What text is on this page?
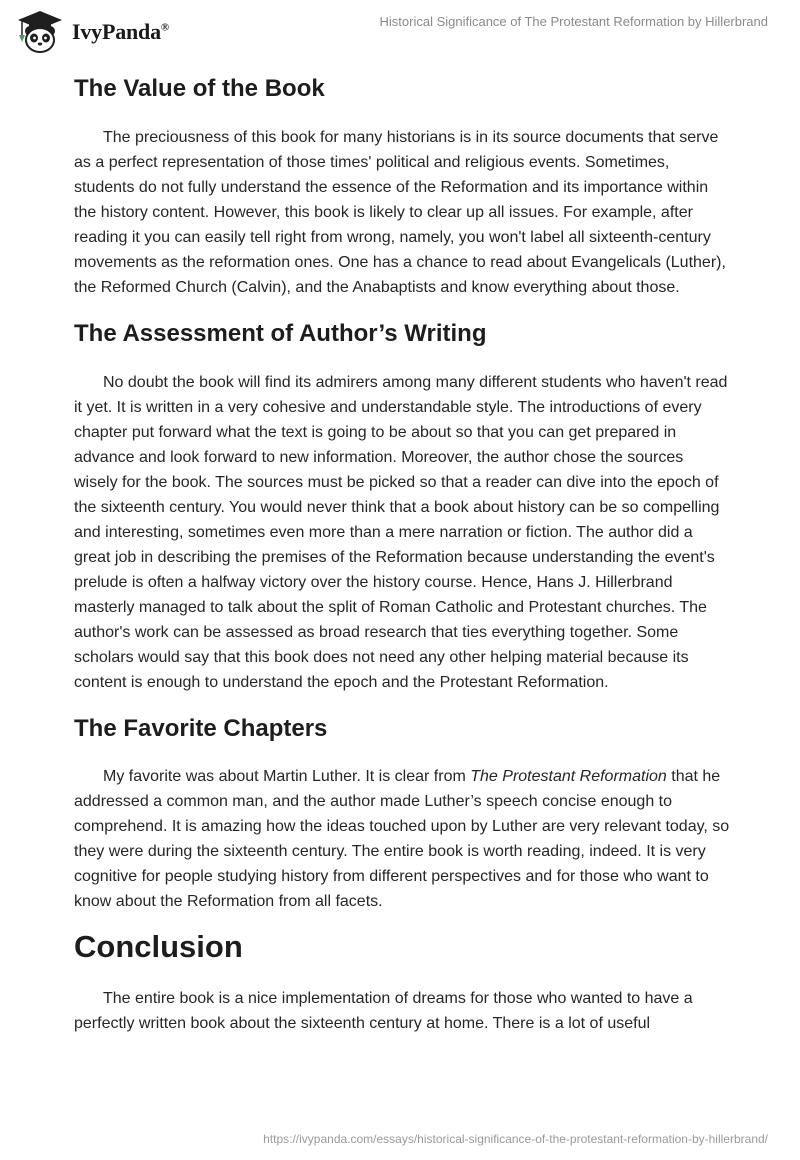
IvyPanda®	Historical Significance of The Protestant Reformation by Hillerbrand
The Value of the Book

The preciousness of this book for many historians is in its source documents that serve as a perfect representation of those times' political and religious events. Sometimes, students do not fully understand the essence of the Reformation and its importance within the history content. However, this book is likely to clear up all issues. For example, after reading it you can easily tell right from wrong, namely, you won't label all sixteenth-century movements as the reformation ones. One has a chance to read about Evangelicals (Luther), the Reformed Church (Calvin), and the Anabaptists and know everything about those.

The Assessment of Author’s Writing

No doubt the book will find its admirers among many different students who haven't read it yet. It is written in a very cohesive and understandable style. The introductions of every chapter put forward what the text is going to be about so that you can get prepared in advance and look forward to new information. Moreover, the author chose the sources wisely for the book. The sources must be picked so that a reader can dive into the epoch of the sixteenth century. You would never think that a book about history can be so compelling and interesting, sometimes even more than a mere narration or fiction. The author did a great job in describing the premises of the Reformation because understanding the event's prelude is often a halfway victory over the history course. Hence, Hans J. Hillerbrand masterly managed to talk about the split of Roman Catholic and Protestant churches. The author's work can be assessed as broad research that ties everything together. Some scholars would say that this book does not need any other helping material because its content is enough to understand the epoch and the Protestant Reformation.

The Favorite Chapters

My favorite was about Martin Luther. It is clear from The Protestant Reformation that he addressed a common man, and the author made Luther’s speech concise enough to comprehend. It is amazing how the ideas touched upon by Luther are very relevant today, so they were during the sixteenth century. The entire book is worth reading, indeed. It is very cognitive for people studying history from different perspectives and for those who want to know about the Reformation from all facets.

Conclusion

The entire book is a nice implementation of dreams for those who wanted to have a perfectly written book about the sixteenth century at home. There is a lot of useful

https://ivypanda.com/essays/historical-significance-of-the-protestant-reformation-by-hillerbrand/
